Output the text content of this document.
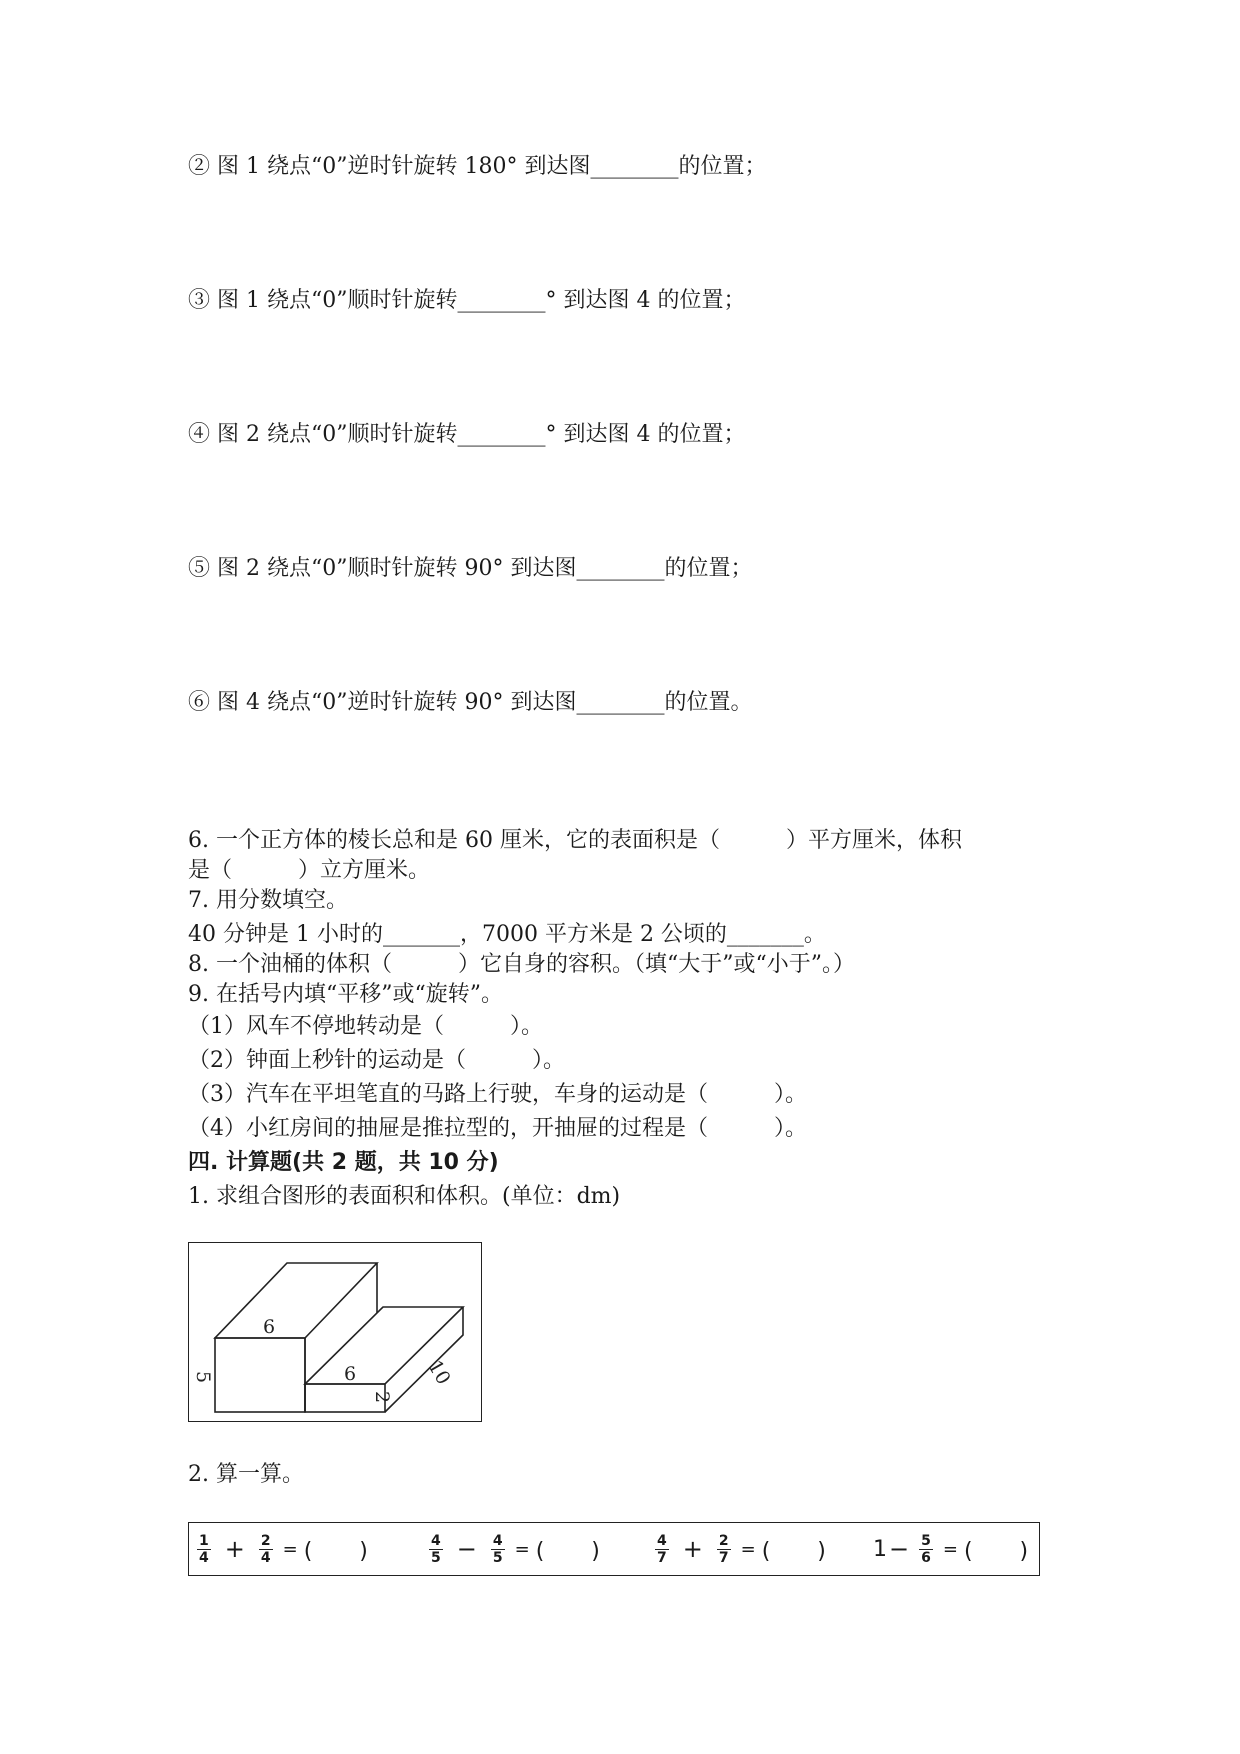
② 图 1 绕点“0”逆时针旋转 180° 到达图________的位置；
③ 图 1 绕点“0”顺时针旋转________° 到达图 4 的位置；
④ 图 2 绕点“0”顺时针旋转________° 到达图 4 的位置；
⑤ 图 2 绕点“0”顺时针旋转 90° 到达图________的位置；
⑥ 图 4 绕点“0”逆时针旋转 90° 到达图________的位置。
6. 一个正方体的棱长总和是 60 厘米，它的表面积是（　　　）平方厘米，体积
是（　　　）立方厘米。
7. 用分数填空。
40 分钟是 1 小时的_______，7000 平方米是 2 公顷的_______。
8. 一个油桶的体积（　　　）它自身的容积。（填“大于”或“小于”。）
9. 在括号内填“平移”或“旋转”。
（1）风车不停地转动是（　　　）。
（2）钟面上秒针的运动是（　　　）。
（3）汽车在平坦笔直的马路上行驶，车身的运动是（　　　）。
（4）小红房间的抽屉是推拉型的，开抽屉的过程是（　　　）。
四. 计算题(共 2 题，共 10 分)
1. 求组合图形的表面积和体积。(单位：dm)
6
6
5
2
10
2. 算一算。
$\frac{1}{4} + \frac{2}{4}$ = (　　)	$\frac{4}{5} - \frac{4}{5}$ = (　　)	$\frac{4}{7} + \frac{2}{7}$ = (　　) $1 - \frac{5}{6}$ = (　　)
